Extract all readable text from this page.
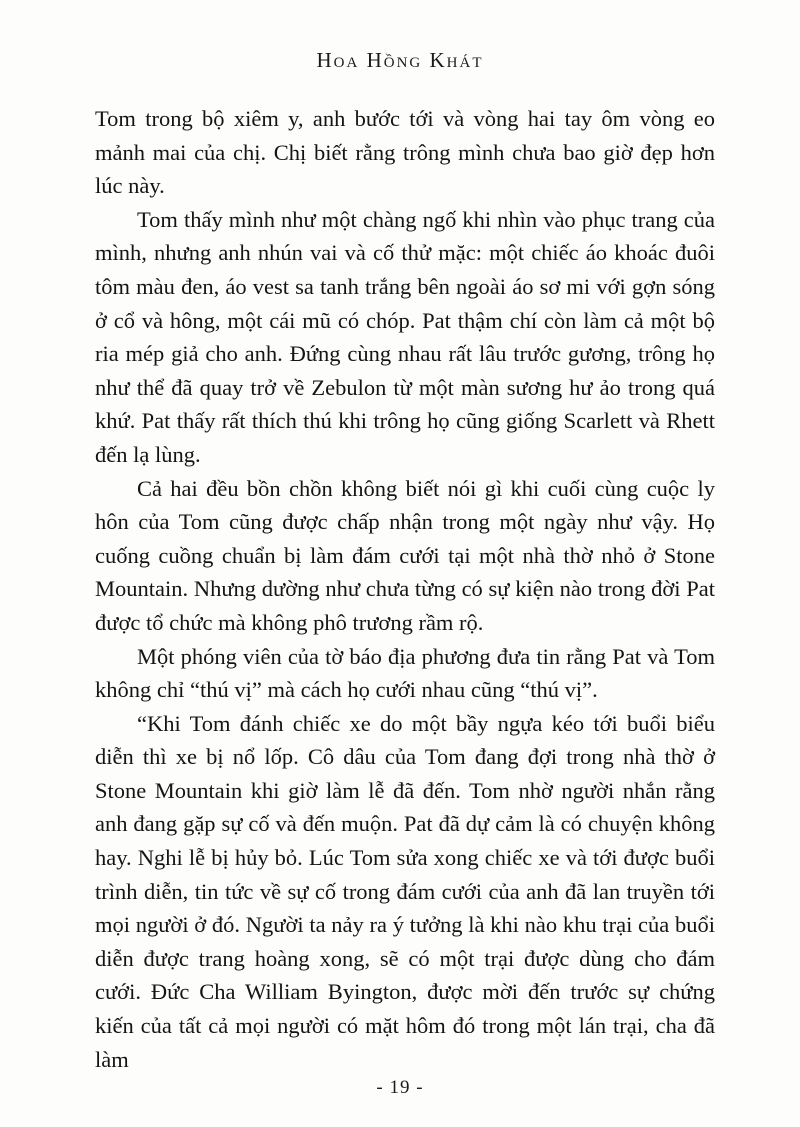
Hoa Hồng Khát

Tom trong bộ xiêm y, anh bước tới và vòng hai tay ôm vòng eo mảnh mai của chị. Chị biết rằng trông mình chưa bao giờ đẹp hơn lúc này.

Tom thấy mình như một chàng ngố khi nhìn vào phục trang của mình, nhưng anh nhún vai và cố thử mặc: một chiếc áo khoác đuôi tôm màu đen, áo vest sa tanh trắng bên ngoài áo sơ mi với gợn sóng ở cổ và hông, một cái mũ có chóp. Pat thậm chí còn làm cả một bộ ria mép giả cho anh. Đứng cùng nhau rất lâu trước gương, trông họ như thể đã quay trở về Zebulon từ một màn sương hư ảo trong quá khứ. Pat thấy rất thích thú khi trông họ cũng giống Scarlett và Rhett đến lạ lùng.

Cả hai đều bồn chồn không biết nói gì khi cuối cùng cuộc ly hôn của Tom cũng được chấp nhận trong một ngày như vậy. Họ cuống cuồng chuẩn bị làm đám cưới tại một nhà thờ nhỏ ở Stone Mountain. Nhưng dường như chưa từng có sự kiện nào trong đời Pat được tổ chức mà không phô trương rầm rộ.

Một phóng viên của tờ báo địa phương đưa tin rằng Pat và Tom không chỉ “thú vị” mà cách họ cưới nhau cũng “thú vị”.

“Khi Tom đánh chiếc xe do một bầy ngựa kéo tới buổi biểu diễn thì xe bị nổ lốp. Cô dâu của Tom đang đợi trong nhà thờ ở Stone Mountain khi giờ làm lễ đã đến. Tom nhờ người nhắn rằng anh đang gặp sự cố và đến muộn. Pat đã dự cảm là có chuyện không hay. Nghi lễ bị hủy bỏ. Lúc Tom sửa xong chiếc xe và tới được buổi trình diễn, tin tức về sự cố trong đám cưới của anh đã lan truyền tới mọi người ở đó. Người ta nảy ra ý tưởng là khi nào khu trại của buổi diễn được trang hoàng xong, sẽ có một trại được dùng cho đám cưới. Đức Cha William Byington, được mời đến trước sự chứng kiến của tất cả mọi người có mặt hôm đó trong một lán trại, cha đã làm

- 19 -
